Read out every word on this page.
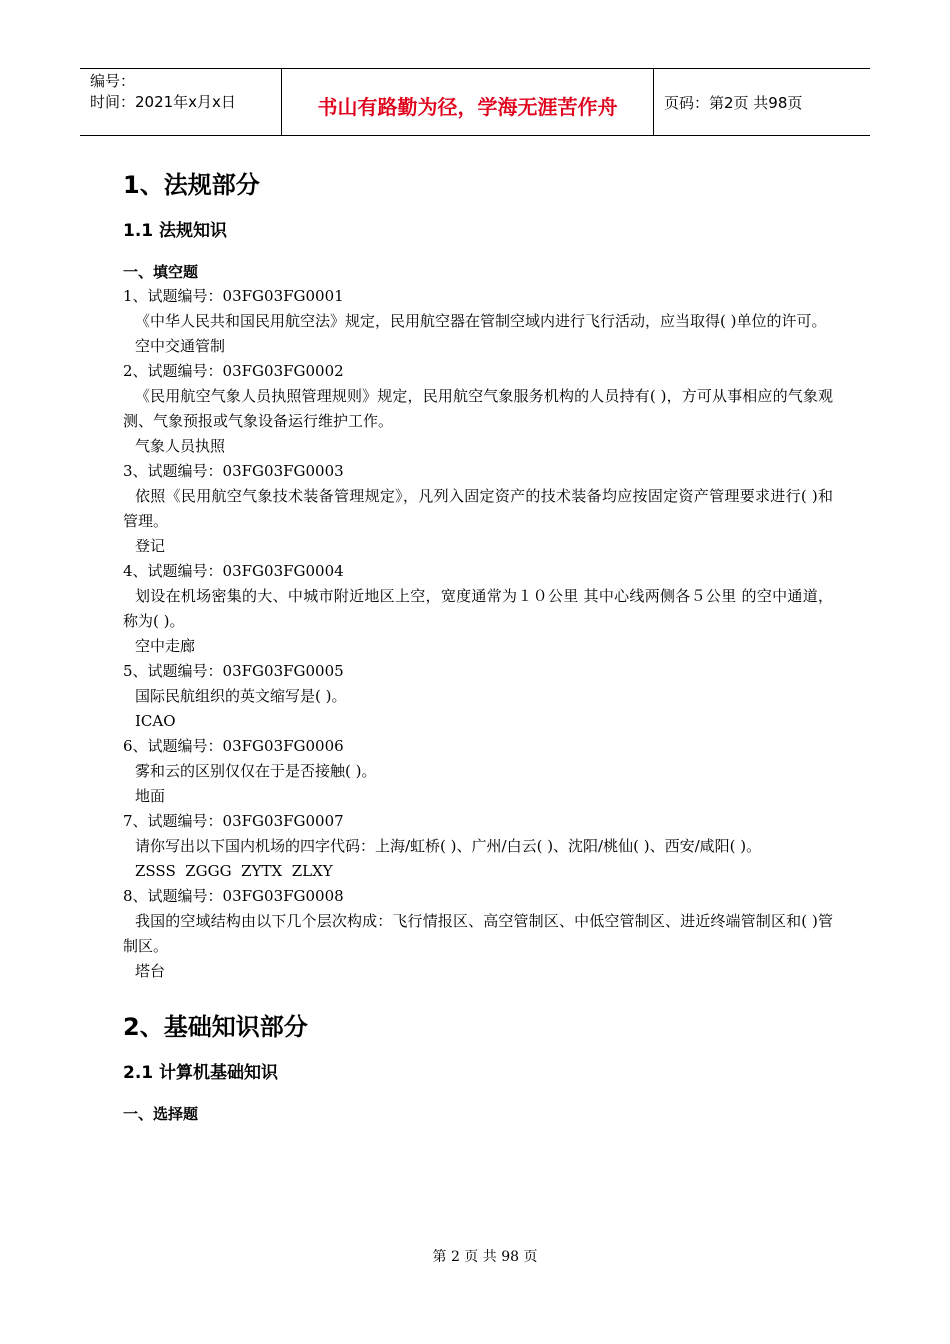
编号：
时间：2021年x月x日	书山有路勤为径，学海无涯苦作舟	页码：第2页 共98页
1、法规部分
1.1 法规知识
一、填空题
1、试题编号：03FG03FG0001
《中华人民共和国民用航空法》规定，民用航空器在管制空域内进行飞行活动，应当取得( )单位的许可。
空中交通管制
2、试题编号：03FG03FG0002
《民用航空气象人员执照管理规则》规定，民用航空气象服务机构的人员持有( )，方可从事相应的气象观测、气象预报或气象设备运行维护工作。
气象人员执照
3、试题编号：03FG03FG0003
依照《民用航空气象技术装备管理规定》，凡列入固定资产的技术装备均应按固定资产管理要求进行( )和管理。
登记
4、试题编号：03FG03FG0004
划设在机场密集的大、中城市附近地区上空，宽度通常为１０公里 其中心线两侧各５公里 的空中通道，称为( )。
空中走廊
5、试题编号：03FG03FG0005
国际民航组织的英文缩写是( )。
ICAO
6、试题编号：03FG03FG0006
雾和云的区别仅仅在于是否接触( )。
地面
7、试题编号：03FG03FG0007
请你写出以下国内机场的四字代码：上海/虹桥( )、广州/白云( )、沈阳/桃仙( )、西安/咸阳( )。
ZSSS  ZGGG  ZYTX  ZLXY
8、试题编号：03FG03FG0008
我国的空域结构由以下几个层次构成：飞行情报区、高空管制区、中低空管制区、进近终端管制区和( )管制区。
塔台
2、基础知识部分
2.1 计算机基础知识
一、选择题
第 2 页 共 98 页
